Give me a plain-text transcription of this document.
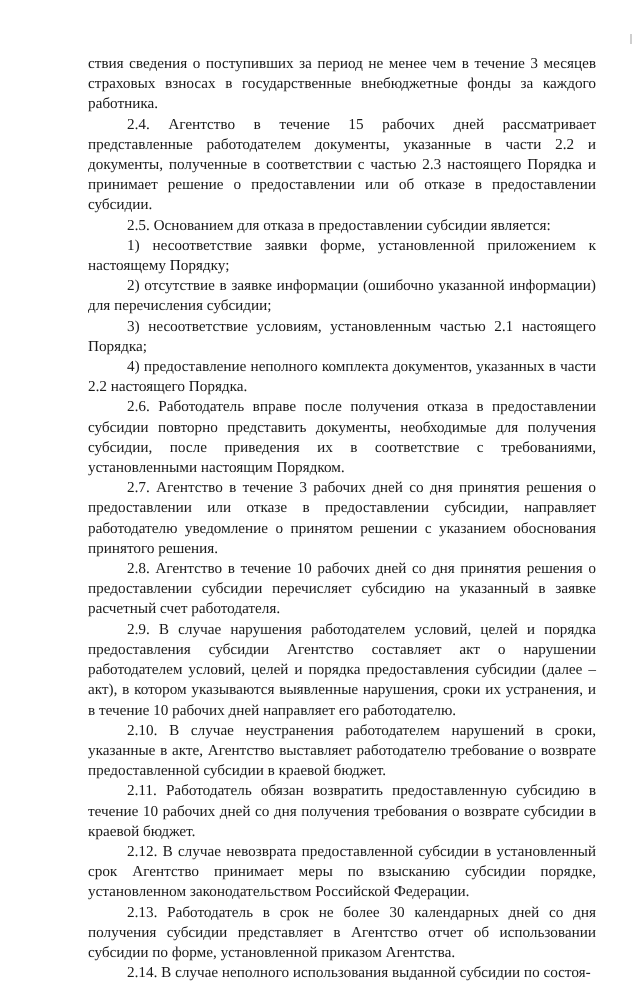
ствия сведения о поступивших за период не менее чем в течение 3 месяцев страховых взносах в государственные внебюджетные фонды за каждого работника.

2.4. Агентство в течение 15 рабочих дней рассматривает представленные работодателем документы, указанные в части 2.2 и документы, полученные в соответствии с частью 2.3 настоящего Порядка и принимает решение о предоставлении или об отказе в предоставлении субсидии.

2.5. Основанием для отказа в предоставлении субсидии является:

1) несоответствие заявки форме, установленной приложением к настоящему Порядку;

2) отсутствие в заявке информации (ошибочно указанной информации) для перечисления субсидии;

3) несоответствие условиям, установленным частью 2.1 настоящего Порядка;

4) предоставление неполного комплекта документов, указанных в части 2.2 настоящего Порядка.

2.6. Работодатель вправе после получения отказа в предоставлении субсидии повторно представить документы, необходимые для получения субсидии, после приведения их в соответствие с требованиями, установленными настоящим Порядком.

2.7. Агентство в течение 3 рабочих дней со дня принятия решения о предоставлении или отказе в предоставлении субсидии, направляет работодателю уведомление о принятом решении с указанием обоснования принятого решения.

2.8. Агентство в течение 10 рабочих дней со дня принятия решения о предоставлении субсидии перечисляет субсидию на указанный в заявке расчетный счет работодателя.

2.9. В случае нарушения работодателем условий, целей и порядка предоставления субсидии Агентство составляет акт о нарушении работодателем условий, целей и порядка предоставления субсидии (далее – акт), в котором указываются выявленные нарушения, сроки их устранения, и в течение 10 рабочих дней направляет его работодателю.

2.10. В случае неустранения работодателем нарушений в сроки, указанные в акте, Агентство выставляет работодателю требование о возврате предоставленной субсидии в краевой бюджет.

2.11. Работодатель обязан возвратить предоставленную субсидию в течение 10 рабочих дней со дня получения требования о возврате субсидии в краевой бюджет.

2.12. В случае невозврата предоставленной субсидии в установленный срок Агентство принимает меры по взысканию субсидии порядке, установленном законодательством Российской Федерации.

2.13. Работодатель в срок не более 30 календарных дней со дня получения субсидии представляет в Агентство отчет об использовании субсидии по форме, установленной приказом Агентства.

2.14. В случае неполного использования выданной субсидии по состоя-
